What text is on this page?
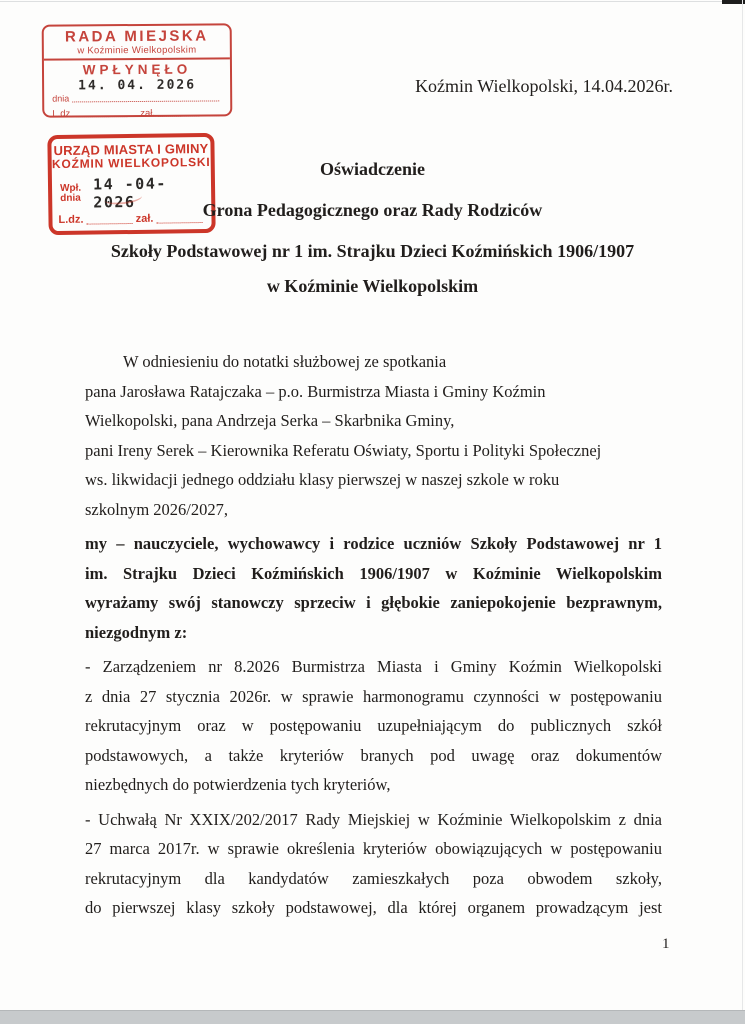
RADA MIEJSKA
w Koźminie Wielkopolskim
WPŁYNĘŁO
14. 04. 2026
dnia
L.dz.	zał.
URZĄD MIASTA I GMINY
KOŹMIN WIELKOPOLSKI
Wpł.
dnia
14 -04- 2026
L.dz.	zał.
Koźmin Wielkopolski, 14.04.2026r.
Oświadczenie
Grona Pedagogicznego oraz Rady Rodziców
Szkoły Podstawowej nr 1 im. Strajku Dzieci Koźmińskich 1906/1907
w Koźminie Wielkopolskim
W odniesieniu do notatki służbowej ze spotkania
pana Jarosława Ratajczaka – p.o. Burmistrza Miasta i Gminy Koźmin
Wielkopolski, pana Andrzeja Serka – Skarbnika Gminy,
pani Ireny Serek – Kierownika Referatu Oświaty, Sportu i Polityki Społecznej
ws. likwidacji jednego oddziału klasy pierwszej w naszej szkole w roku
szkolnym 2026/2027,
my – nauczyciele, wychowawcy i rodzice uczniów Szkoły Podstawowej nr 1
im. Strajku Dzieci Koźmińskich 1906/1907 w Koźminie Wielkopolskim
wyrażamy swój stanowczy sprzeciw i głębokie zaniepokojenie bezprawnym,
niezgodnym z:
- Zarządzeniem nr 8.2026 Burmistrza Miasta i Gminy Koźmin Wielkopolski
z dnia 27 stycznia 2026r. w sprawie harmonogramu czynności w postępowaniu
rekrutacyjnym oraz w postępowaniu uzupełniającym do publicznych szkół
podstawowych, a także kryteriów branych pod uwagę oraz dokumentów
niezbędnych do potwierdzenia tych kryteriów,
- Uchwałą Nr XXIX/202/2017 Rady Miejskiej w Koźminie Wielkopolskim z dnia
27 marca 2017r. w sprawie określenia kryteriów obowiązujących w postępowaniu
rekrutacyjnym dla kandydatów zamieszkałych poza obwodem szkoły,
do pierwszej klasy szkoły podstawowej, dla której organem prowadzącym jest
1
